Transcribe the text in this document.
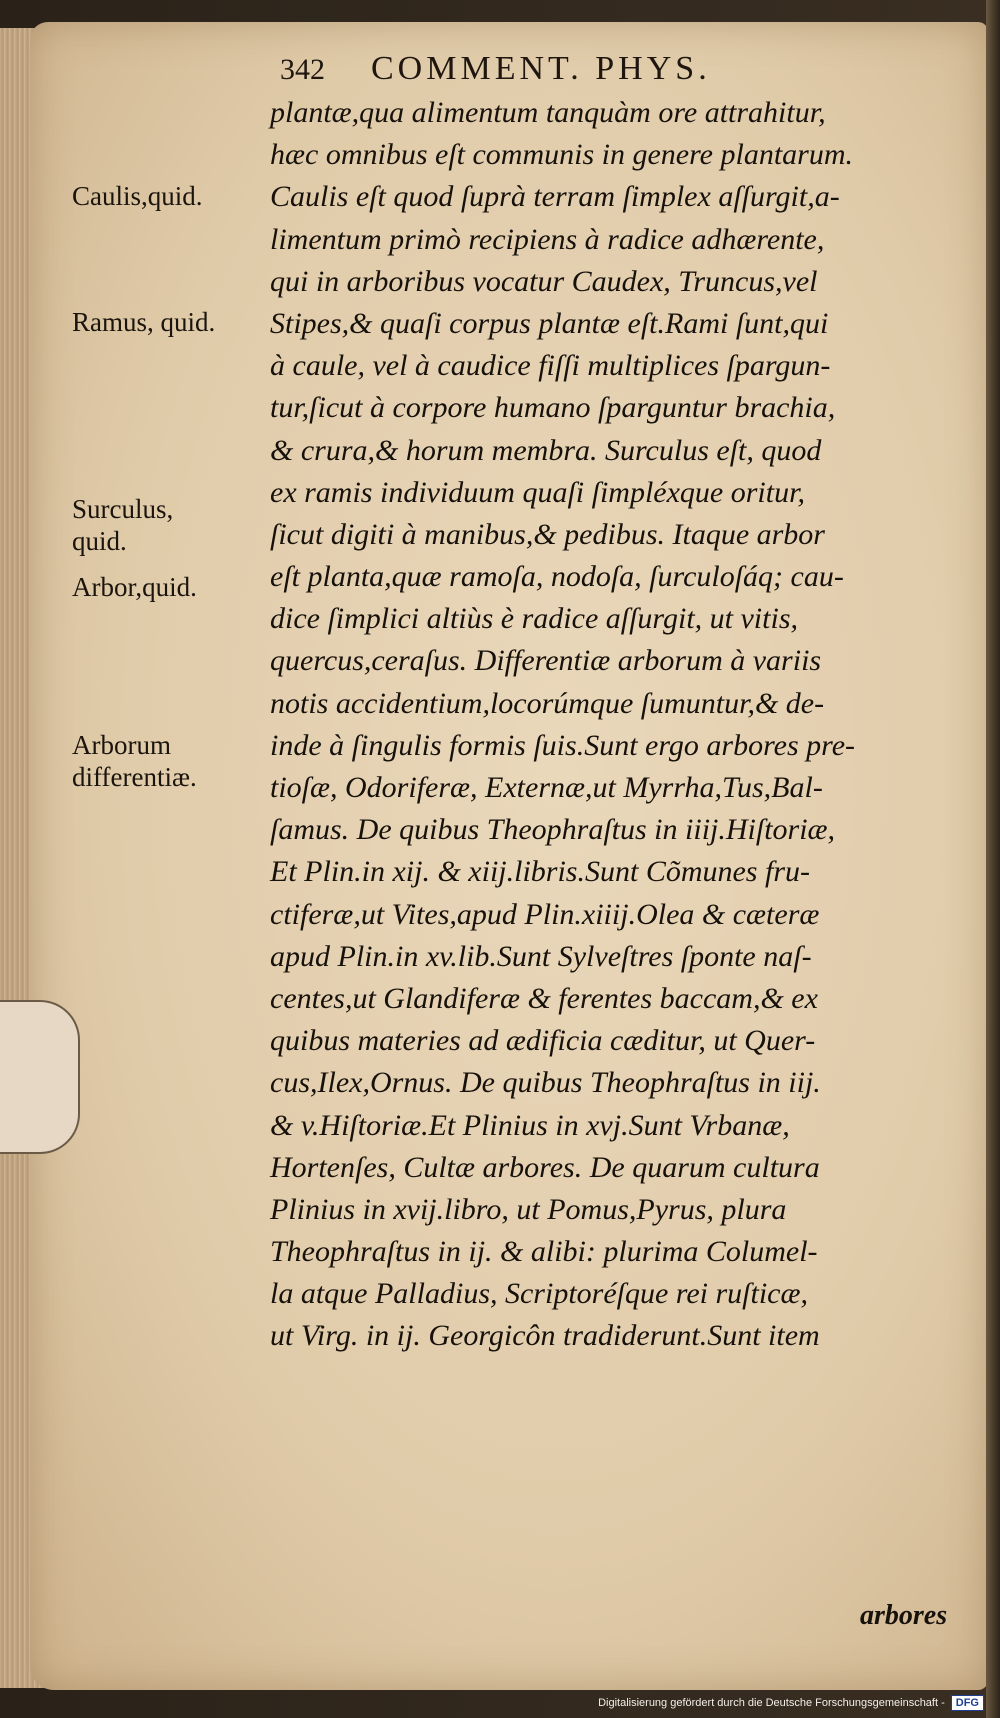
342 COMMENT. PHYS.
Caulis,quid.
Ramus, quid.
Surculus,
quid.
Arbor,quid.
Arborum
differentiæ.
plantæ,qua alimentum tanquàm ore attrahitur,
hæc omnibus eſt communis in genere plantarum.
Caulis eſt quod ſuprà terram ſimplex aſſurgit,a-
limentum primò recipiens à radice adhærente,
qui in arboribus vocatur Caudex, Truncus,vel
Stipes,& quaſi corpus plantæ eſt.Rami ſunt,qui
à caule, vel à caudice fiſſi multiplices ſpargun-
tur,ſicut à corpore humano ſparguntur brachia,
& crura,& horum membra. Surculus eſt, quod
ex ramis individuum quaſi ſimpléxque oritur,
ſicut digiti à manibus,& pedibus. Itaque arbor
eſt planta,quæ ramoſa, nodoſa, ſurculoſáq; cau-
dice ſimplici altiùs è radice aſſurgit, ut vitis,
quercus,ceraſus. Differentiæ arborum à variis
notis accidentium,locorúmque ſumuntur,& de-
inde à ſingulis formis ſuis.Sunt ergo arbores pre-
tioſæ, Odoriferæ, Externæ,ut Myrrha,Tus,Bal-
ſamus. De quibus Theophraſtus in iiij.Hiſtoriæ,
Et Plin.in xij. & xiij.libris.Sunt Cõmunes fru-
ctiferæ,ut Vites,apud Plin.xiiij.Olea & cæteræ
apud Plin.in xv.lib.Sunt Sylveſtres ſponte naſ-
centes,ut Glandiferæ & ferentes baccam,& ex
quibus materies ad ædificia cæditur, ut Quer-
cus,Ilex,Ornus. De quibus Theophraſtus in iij.
& v.Hiſtoriæ.Et Plinius in xvj.Sunt Vrbanæ,
Hortenſes, Cultæ arbores. De quarum cultura
Plinius in xvij.libro, ut Pomus,Pyrus, plura
Theophraſtus in ij. & alibi: plurima Columel-
la atque Palladius, Scriptoréſque rei ruſticæ,
ut Virg. in ij. Georgicôn tradiderunt.Sunt item
arbores
Digitalisierung gefördert durch die Deutsche Forschungsgemeinschaft -	DFG
